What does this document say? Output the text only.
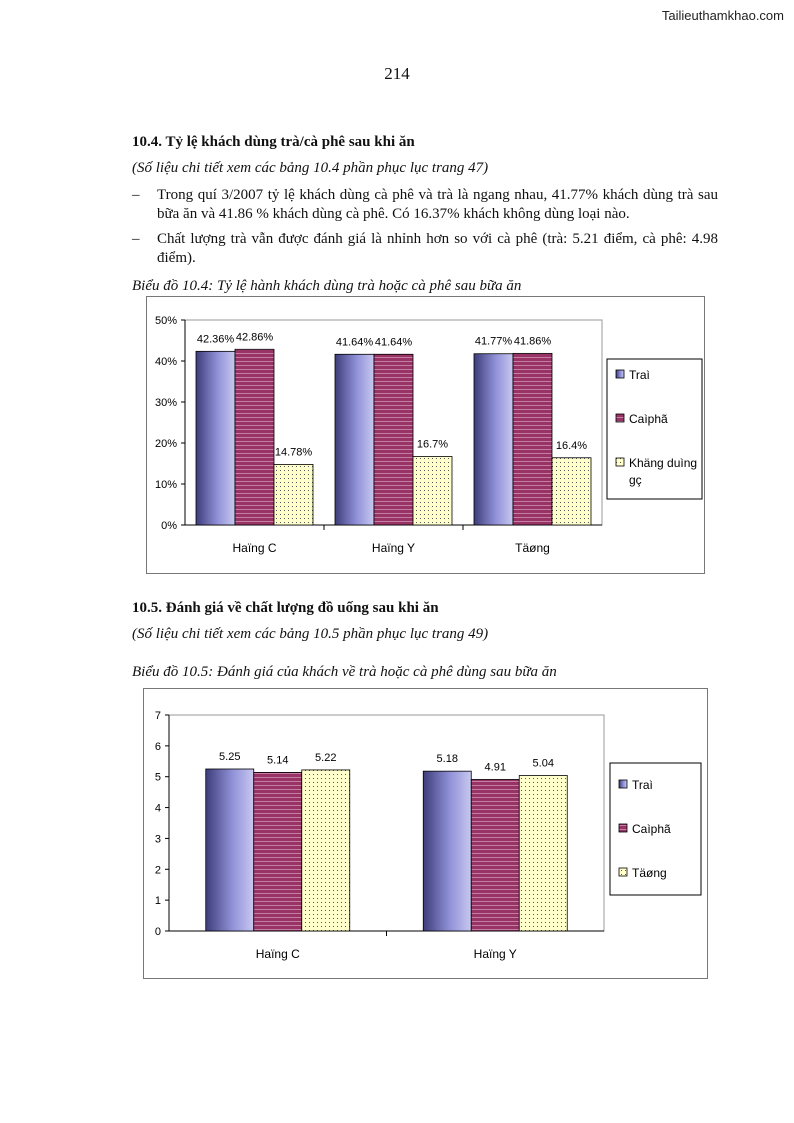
Tailieuthamkhao.com
214
10.4. Tỷ lệ khách dùng trà/cà phê sau khi ăn
(Số liệu chi tiết xem các bảng 10.4 phần phục lục trang 47)
– Trong quí 3/2007 tỷ lệ khách dùng cà phê và trà là ngang nhau, 41.77% khách dùng trà sau bữa ăn và 41.86 % khách dùng cà phê. Có 16.37% khách không dùng loại nào.
– Chất lượng trà vẫn được đánh giá là nhỉnh hơn so với cà phê (trà: 5.21 điểm, cà phê: 4.98 điểm).
Biểu đồ 10.4: Tỷ lệ hành khách dùng trà hoặc cà phê sau bữa ăn
0%
10%
20%
30%
40%
50%
Haïng C
42.36% 42.86%
14.78%
Haïng Y
41.64% 41.64%
16.7%
Täøng
41.77% 41.86%
16.4%
Traì
Caìphã
Khäng duìng
gç
10.5. Đánh giá về chất lượng đồ uống sau khi ăn
(Số liệu chi tiết xem các bảng 10.5 phần phục lục trang 49)
Biểu đồ 10.5: Đánh giá của khách về trà hoặc cà phê dùng sau bữa ăn
0
1
2
3
4
5
6
7
Haïng C
5.25 5.14 5.22
Haïng Y
5.18
4.91 5.04
Traì
Caìphã
Täøng
